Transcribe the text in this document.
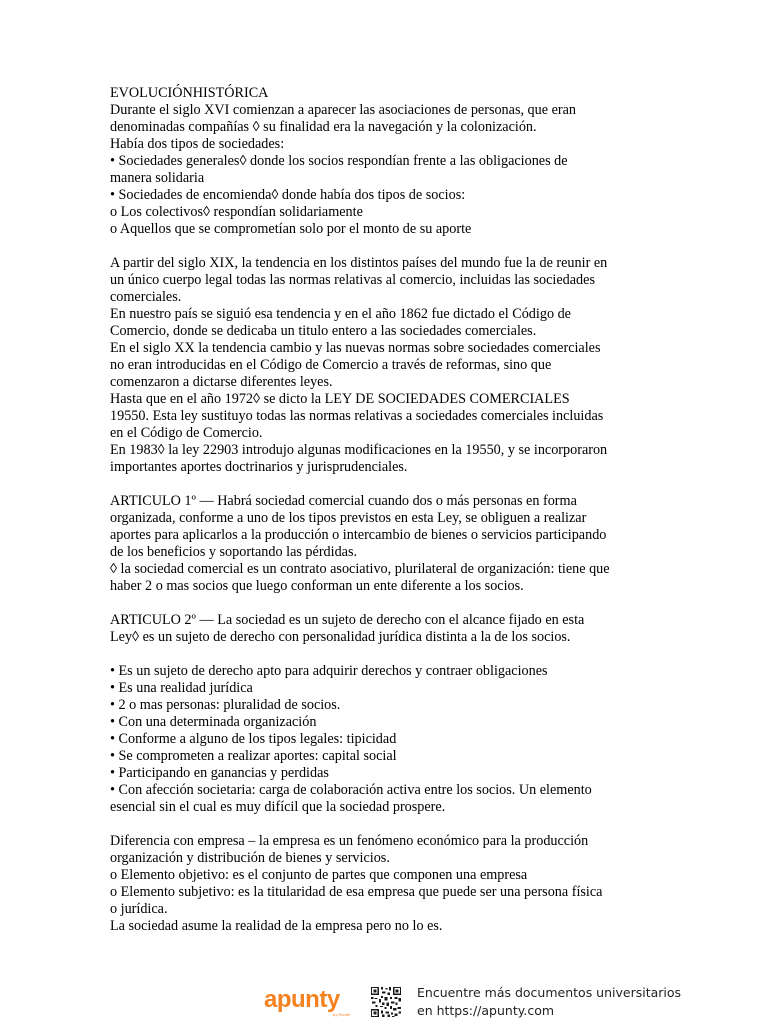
EVOLUCIÓNHISTÓRICA
Durante el siglo XVI comienzan a aparecer las asociaciones de personas, que eran
denominadas compañías ◊ su finalidad era la navegación y la colonización.
Había dos tipos de sociedades:
• Sociedades generales◊ donde los socios respondían frente a las obligaciones de
manera solidaria
• Sociedades de encomienda◊ donde había dos tipos de socios:
o Los colectivos◊ respondían solidariamente
o Aquellos que se comprometían solo por el monto de su aporte
A partir del siglo XIX, la tendencia en los distintos países del mundo fue la de reunir en
un único cuerpo legal todas las normas relativas al comercio, incluidas las sociedades
comerciales.
En nuestro país se siguió esa tendencia y en el año 1862 fue dictado el Código de
Comercio, donde se dedicaba un titulo entero a las sociedades comerciales.
En el siglo XX la tendencia cambio y las nuevas normas sobre sociedades comerciales
no eran introducidas en el Código de Comercio a través de reformas, sino que
comenzaron a dictarse diferentes leyes.
Hasta que en el año 1972◊ se dicto la LEY DE SOCIEDADES COMERCIALES
19550. Esta ley sustituyo todas las normas relativas a sociedades comerciales incluidas
en el Código de Comercio.
En 1983◊ la ley 22903 introdujo algunas modificaciones en la 19550, y se incorporaron
importantes aportes doctrinarios y jurisprudenciales.
ARTICULO 1º — Habrá sociedad comercial cuando dos o más personas en forma
organizada, conforme a uno de los tipos previstos en esta Ley, se obliguen a realizar
aportes para aplicarlos a la producción o intercambio de bienes o servicios participando
de los beneficios y soportando las pérdidas.
◊ la sociedad comercial es un contrato asociativo, plurilateral de organización: tiene que
haber 2 o mas socios que luego conforman un ente diferente a los socios.
ARTICULO 2º — La sociedad es un sujeto de derecho con el alcance fijado en esta
Ley◊ es un sujeto de derecho con personalidad jurídica distinta a la de los socios.
• Es un sujeto de derecho apto para adquirir derechos y contraer obligaciones
• Es una realidad jurídica
• 2 o mas personas: pluralidad de socios.
• Con una determinada organización
• Conforme a alguno de los tipos legales: tipicidad
• Se comprometen a realizar aportes: capital social
• Participando en ganancias y perdidas
• Con afección societaria: carga de colaboración activa entre los socios. Un elemento
esencial sin el cual es muy difícil que la sociedad prospere.
Diferencia con empresa – la empresa es un fenómeno económico para la producción
organización y distribución de bienes y servicios.
o Elemento objetivo: es el conjunto de partes que componen una empresa
o Elemento subjetivo: es la titularidad de esa empresa que puede ser una persona física
o jurídica.
La sociedad asume la realidad de la empresa pero no lo es.
apunty
by Rumbl
Encuentre más documentos universitarios
en https://apunty.com
